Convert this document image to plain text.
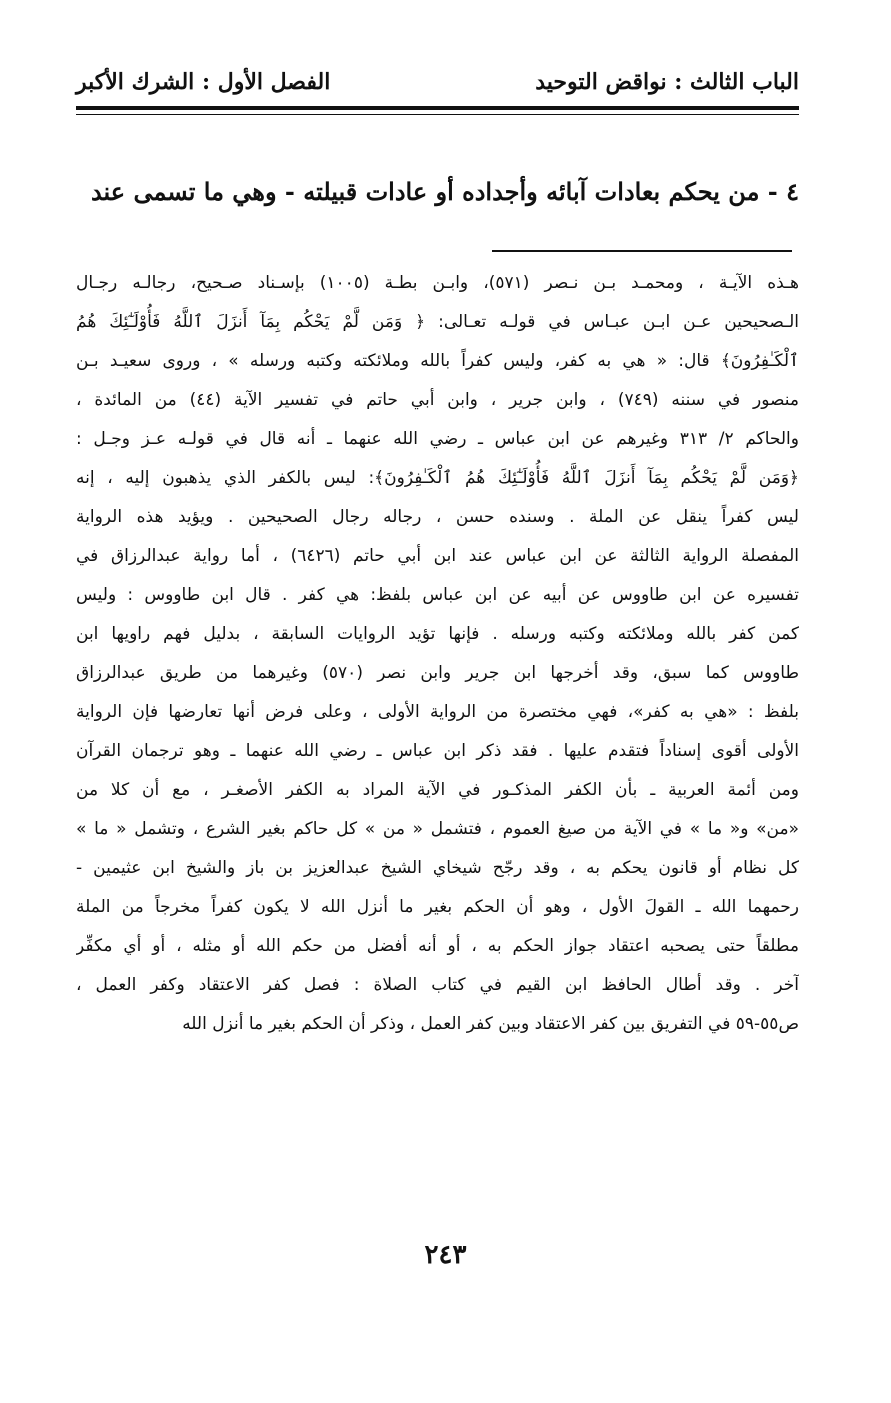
الباب الثالث : نواقض التوحيد
الفصل الأول : الشرك الأكبر
٤ - من يحكم بعادات آبائه وأجداده أو عادات قبيلته - وهي ما تسمى عند
هـذه الآيـة ، ومحمـد بـن نـصر (٥٧١)، وابـن بطـة (١٠٠٥) بإسـناد صـحيح، رجالـه رجـال
الـصحيحين عـن ابـن عبـاس في قولـه تعـالى: ﴿ وَمَن لَّمْ يَحْكُم بِمَآ أَنزَلَ ٱللَّهُ فَأُوْلَـٰٓئِكَ هُمُ
ٱلْكَـٰفِرُونَ﴾ قال: « هي به كفر، وليس كفراً بالله وملائكته وكتبه ورسله » ، وروى سعيـد بـن
منصور في سننه (٧٤٩) ، وابن جرير ، وابن أبي حاتم في تفسير الآية (٤٤) من المائدة ،
والحاكم ٢/ ٣١٣ وغيرهم عن ابن عباس ـ رضي الله عنهما ـ أنه قال في قولـه عـز وجـل :
﴿وَمَن لَّمْ يَحْكُم بِمَآ أَنزَلَ ٱللَّهُ فَأُوْلَـٰٓئِكَ هُمُ ٱلْكَـٰفِرُونَ﴾: ليس بالكفر الذي يذهبون إليه ، إنه
ليس كفراً ينقل عن الملة . وسنده حسن ، رجاله رجال الصحيحين . ويؤيد هذه الرواية
المفصلة الرواية الثالثة عن ابن عباس عند ابن أبي حاتم (٦٤٢٦) ، أما رواية عبدالرزاق في
تفسيره عن ابن طاووس عن أبيه عن ابن عباس بلفظ: هي كفر . قال ابن طاووس : وليس
كمن كفر بالله وملائكته وكتبه ورسله . فإنها تؤيد الروايات السابقة ، بدليل فهم راويها ابن
طاووس كما سبق، وقد أخرجها ابن جرير وابن نصر (٥٧٠) وغيرهما من طريق عبدالرزاق
بلفظ : «هي به كفر»، فهي مختصرة من الرواية الأولى ، وعلى فرض أنها تعارضها فإن الرواية
الأولى أقوى إسناداً فتقدم عليها . فقد ذكر ابن عباس ـ رضي الله عنهما ـ وهو ترجمان القرآن
ومن أئمة العربية ـ بأن الكفر المذكـور في الآية المراد به الكفر الأصغـر ، مع أن كلا من
«من» و« ما » في الآية من صيغ العموم ، فتشمل « من » كل حاكم بغير الشرع ، وتشمل « ما »
كل نظام أو قانون يحكم به ، وقد رجّح شيخاي الشيخ عبدالعزيز بن باز والشيخ ابن عثيمين -
رحمهما الله ـ القولَ الأول ، وهو أن الحكم بغير ما أنزل الله لا يكون كفراً مخرجاً من الملة
مطلقاً حتى يصحبه اعتقاد جواز الحكم به ، أو أنه أفضل من حكم الله أو مثله ، أو أي مكفِّر
آخر . وقد أطال الحافظ ابن القيم في كتاب الصلاة : فصل كفر الاعتقاد وكفر العمل ،
ص٥٥-٥٩ في التفريق بين كفر الاعتقاد وبين كفر العمل ، وذكر أن الحكم بغير ما أنزل الله
٢٤٣
